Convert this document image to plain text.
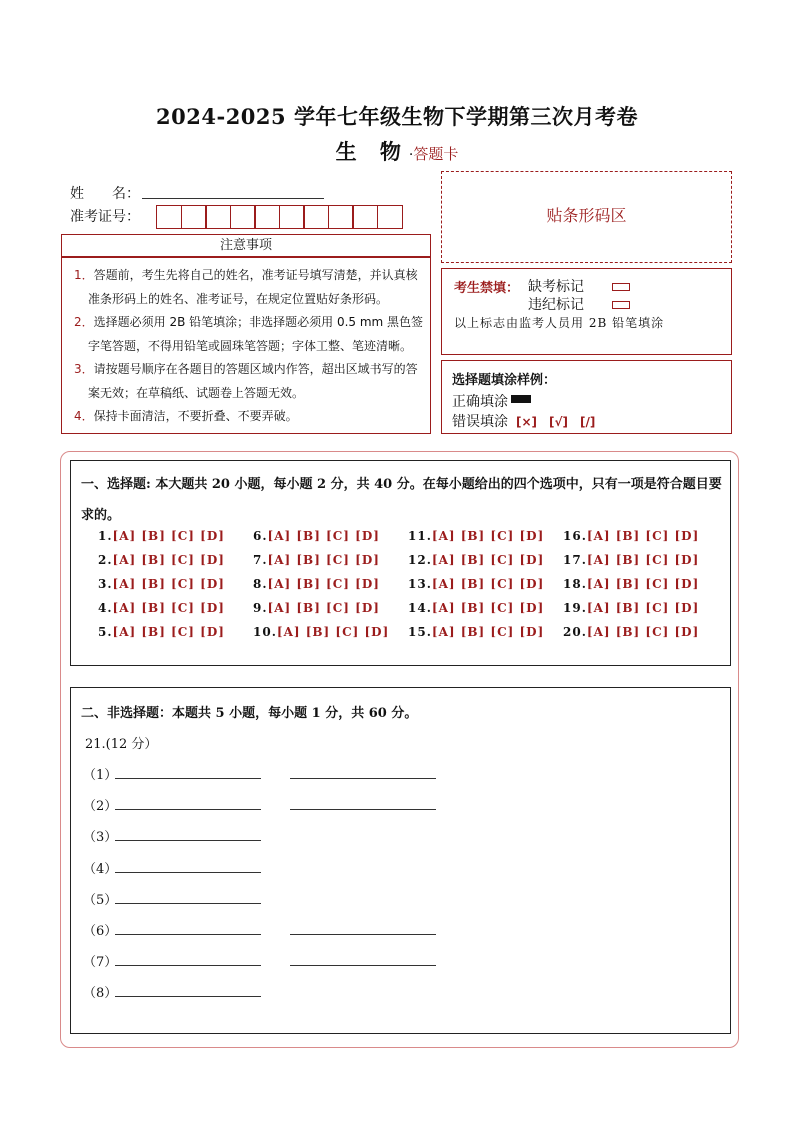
2024-2025 学年七年级生物下学期第三次月考卷
生 物·答题卡
姓　　名：
准考证号：
注意事项
1．答题前，考生先将自己的姓名，准考证号填写清楚，并认真核准条形码上的姓名、准考证号，在规定位置贴好条形码。
2．选择题必须用 2B 铅笔填涂；非选择题必须用 0.5 mm 黑色签字笔答题，不得用铅笔或圆珠笔答题；字体工整、笔迹清晰。
3．请按题号顺序在各题目的答题区域内作答，超出区域书写的答案无效；在草稿纸、试题卷上答题无效。
4．保持卡面清洁，不要折叠、不要弄破。
贴条形码区
考生禁填： 缺考标记
违纪标记
以上标志由监考人员用 2B 铅笔填涂
选择题填涂样例：
正确填涂
错误填涂 [×]　[√]　[/]
一、选择题: 本大题共 20 小题，每小题 2 分，共 40 分。在每小题给出的四个选项中，只有一项是符合题目要求的。
1.[A] [B] [C] [D]
2.[A] [B] [C] [D]
3.[A] [B] [C] [D]
4.[A] [B] [C] [D]
5.[A] [B] [C] [D]
6.[A] [B] [C] [D]
7.[A] [B] [C] [D]
8.[A] [B] [C] [D]
9.[A] [B] [C] [D]
10.[A] [B] [C] [D]
11.[A] [B] [C] [D]
12.[A] [B] [C] [D]
13.[A] [B] [C] [D]
14.[A] [B] [C] [D]
15.[A] [B] [C] [D]
16.[A] [B] [C] [D]
17.[A] [B] [C] [D]
18.[A] [B] [C] [D]
19.[A] [B] [C] [D]
20.[A] [B] [C] [D]
二、非选择题：本题共 5 小题，每小题 1 分，共 60 分。
21.(12 分）
（1）
（2）
（3）
（4）
（5）
（6）
（7）
（8）
